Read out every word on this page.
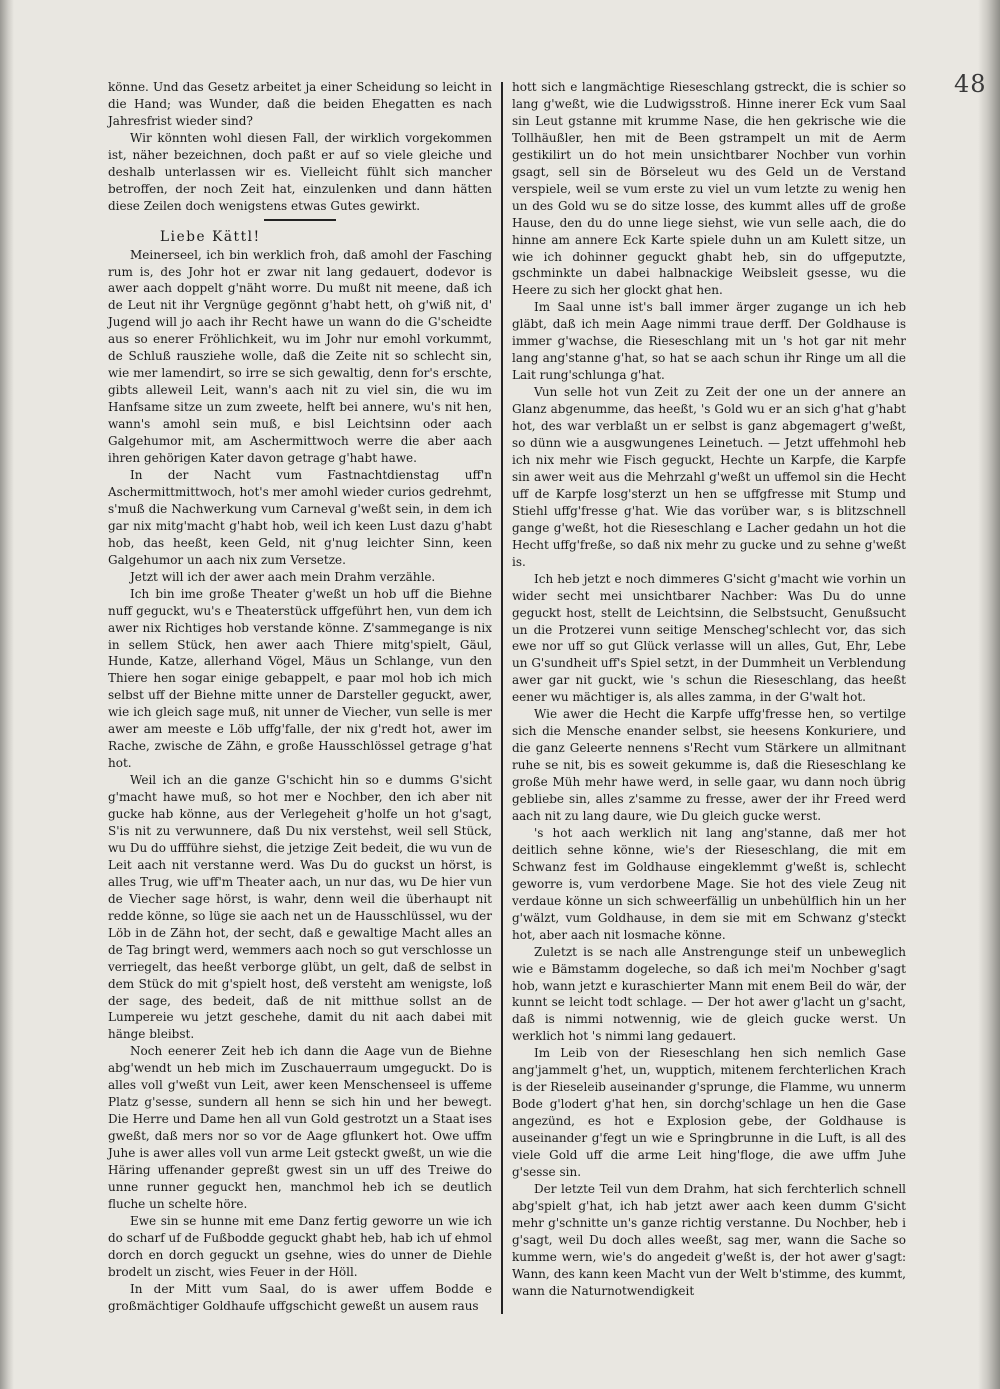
48

könne. Und das Gesetz arbeitet ja einer Scheidung so leicht in die Hand; was Wunder, daß die beiden Ehegatten es nach Jahresfrist wieder sind?

Wir könnten wohl diesen Fall, der wirklich vorgekommen ist, näher bezeichnen, doch paßt er auf so viele gleiche und deshalb unterlassen wir es. Vielleicht fühlt sich mancher betroffen, der noch Zeit hat, einzulenken und dann hätten diese Zeilen doch wenigstens etwas Gutes gewirkt.

Liebe Kättl!

Meinerseel, ich bin werklich froh, daß amohl der Fasching rum is, des Johr hot er zwar nit lang gedauert, dodevor is awer aach doppelt g'näht worre. Du mußt nit meene, daß ich de Leut nit ihr Vergnüge gegönnt g'habt hett, oh g'wiß nit, d' Jugend will jo aach ihr Recht hawe un wann do die G'scheidte aus so enerer Fröhlichkeit, wu im Johr nur emohl vorkummt, de Schluß rausziehe wolle, daß die Zeite nit so schlecht sin, wie mer lamendirt, so irre se sich gewaltig, denn for's erschte, gibts alleweil Leit, wann's aach nit zu viel sin, die wu im Hanfsame sitze un zum zweete, helft bei annere, wu's nit hen, wann's amohl sein muß, e bisl Leichtsinn oder aach Galgehumor mit, am Aschermittwoch werre die aber aach ihren gehörigen Kater davon getrage g'habt hawe.

In der Nacht vum Fastnachtdienstag uff'n Aschermittmittwoch, hot's mer amohl wieder curios gedrehmt, s'muß die Nachwerkung vum Carneval g'weßt sein, in dem ich gar nix mitg'macht g'habt hob, weil ich keen Lust dazu g'habt hob, das heeßt, keen Geld, nit g'nug leichter Sinn, keen Galgehumor un aach nix zum Versetze.

Jetzt will ich der awer aach mein Drahm verzähle.

Ich bin ime große Theater g'weßt un hob uff die Biehne nuff geguckt, wu's e Theaterstück uffgeführt hen, vun dem ich awer nix Richtiges hob verstande könne. Z'sammegange is nix in sellem Stück, hen awer aach Thiere mitg'spielt, Gäul, Hunde, Katze, allerhand Vögel, Mäus un Schlange, vun den Thiere hen sogar einige gebappelt, e paar mol hob ich mich selbst uff der Biehne mitte unner de Darsteller geguckt, awer, wie ich gleich sage muß, nit unner de Viecher, vun selle is mer awer am meeste e Löb uffg'falle, der nix g'redt hot, awer im Rache, zwische de Zähn, e große Hausschlössel getrage g'hat hot.

Weil ich an die ganze G'schicht hin so e dumms G'sicht g'macht hawe muß, so hot mer e Nochber, den ich aber nit gucke hab könne, aus der Verlegeheit g'holfe un hot g'sagt, S'is nit zu verwunnere, daß Du nix verstehst, weil sell Stück, wu Du do uffführe siehst, die jetzige Zeit bedeit, die wu vun de Leit aach nit verstanne werd. Was Du do guckst un hörst, is alles Trug, wie uff'm Theater aach, un nur das, wu De hier vun de Viecher sage hörst, is wahr, denn weil die überhaupt nit redde könne, so lüge sie aach net un de Hausschlüssel, wu der Löb in de Zähn hot, der secht, daß e gewaltige Macht alles an de Tag bringt werd, wemmers aach noch so gut verschlosse un verriegelt, das heeßt verborge glübt, un gelt, daß de selbst in dem Stück do mit g'spielt host, deß versteht am wenigste, loß der sage, des bedeit, daß de nit mitthue sollst an de Lumpereie wu jetzt geschehe, damit du nit aach dabei mit hänge bleibst.

Noch eenerer Zeit heb ich dann die Aage vun de Biehne abg'wendt un heb mich im Zuschauerraum umgeguckt. Do is alles voll g'weßt vun Leit, awer keen Menschenseel is uffeme Platz g'sesse, sundern all henn se sich hin und her bewegt. Die Herre und Dame hen all vun Gold gestrotzt un a Staat ises gweßt, daß mers nor so vor de Aage gflunkert hot. Owe uffm Juhe is awer alles voll vun arme Leit gsteckt gweßt, un wie die Häring uffenander gepreßt gwest sin un uff des Treiwe do unne runner geguckt hen, manchmol heb ich se deutlich fluche un schelte höre.

Ewe sin se hunne mit eme Danz fertig geworre un wie ich do scharf uf de Fußbodde geguckt ghabt heb, hab ich uf ehmol dorch en dorch geguckt un gsehne, wies do unner de Diehle brodelt un zischt, wies Feuer in der Höll.

In der Mitt vum Saal, do is awer uffem Bodde e großmächtiger Goldhaufe uffgschicht geweßt un ausem raus

hott sich e langmächtige Rieseschlang gstreckt, die is schier so lang g'weßt, wie die Ludwigsstroß. Hinne inerer Eck vum Saal sin Leut gstanne mit krumme Nase, die hen gekrische wie die Tollhäußler, hen mit de Been gstrampelt un mit de Aerm gestikilirt un do hot mein unsichtbarer Nochber vun vorhin gsagt, sell sin de Börseleut wu des Geld un de Verstand verspiele, weil se vum erste zu viel un vum letzte zu wenig hen un des Gold wu se do sitze losse, des kummt alles uff de große Hause, den du do unne liege siehst, wie vun selle aach, die do hinne am annere Eck Karte spiele duhn un am Kulett sitze, un wie ich dohinner geguckt ghabt heb, sin do uffgeputzte, gschminkte un dabei halbnackige Weibsleit gsesse, wu die Heere zu sich her glockt ghat hen.

Im Saal unne ist's ball immer ärger zugange un ich heb gläbt, daß ich mein Aage nimmi traue derff. Der Goldhause is immer g'wachse, die Rieseschlang mit un 's hot gar nit mehr lang ang'stanne g'hat, so hat se aach schun ihr Ringe um all die Lait rung'schlunga g'hat.

Vun selle hot vun Zeit zu Zeit der one un der annere an Glanz abgenumme, das heeßt, 's Gold wu er an sich g'hat g'habt hot, des war verblaßt un er selbst is ganz abgemagert g'weßt, so dünn wie a ausgwungenes Leinetuch. — Jetzt uffehmohl heb ich nix mehr wie Fisch geguckt, Hechte un Karpfe, die Karpfe sin awer weit aus die Mehrzahl g'weßt un uffemol sin die Hecht uff de Karpfe losg'sterzt un hen se uffgfresse mit Stump und Stiehl uffg'fresse g'hat. Wie das vorüber war, s is blitzschnell gange g'weßt, hot die Rieseschlang e Lacher gedahn un hot die Hecht uffg'freße, so daß nix mehr zu gucke und zu sehne g'weßt is.

Ich heb jetzt e noch dimmeres G'sicht g'macht wie vorhin un wider secht mei unsichtbarer Nachber: Was Du do unne geguckt host, stellt de Leichtsinn, die Selbstsucht, Genußsucht un die Protzerei vunn seitige Menscheg'schlecht vor, das sich ewe nor uff so gut Glück verlasse will un alles, Gut, Ehr, Lebe un G'sundheit uff's Spiel setzt, in der Dummheit un Verblendung awer gar nit guckt, wie 's schun die Rieseschlang, das heeßt eener wu mächtiger is, als alles zamma, in der G'walt hot.

Wie awer die Hecht die Karpfe uffg'fresse hen, so vertilge sich die Mensche enander selbst, sie heesens Konkuriere, und die ganz Geleerte nennens s'Recht vum Stärkere un allmitnant ruhe se nit, bis es soweit gekumme is, daß die Rieseschlang ke große Müh mehr hawe werd, in selle gaar, wu dann noch übrig gebliebe sin, alles z'samme zu fresse, awer der ihr Freed werd aach nit zu lang daure, wie Du gleich gucke werst.

's hot aach werklich nit lang ang'stanne, daß mer hot deitlich sehne könne, wie's der Rieseschlang, die mit em Schwanz fest im Goldhause eingeklemmt g'weßt is, schlecht geworre is, vum verdorbene Mage. Sie hot des viele Zeug nit verdaue könne un sich schweerfällig un unbehülflich hin un her g'wälzt, vum Goldhause, in dem sie mit em Schwanz g'steckt hot, aber aach nit losmache könne.

Zuletzt is se nach alle Anstrengunge steif un unbeweglich wie e Bämstamm dogeleche, so daß ich mei'm Nochber g'sagt hob, wann jetzt e kuraschierter Mann mit enem Beil do wär, der kunnt se leicht todt schlage. — Der hot awer g'lacht un g'sacht, daß is nimmi notwennig, wie de gleich gucke werst. Un werklich hot 's nimmi lang gedauert.

Im Leib von der Rieseschlang hen sich nemlich Gase ang'jammelt g'het, un, wupptich, mitenem ferchterlichen Krach is der Rieseleib auseinander g'sprunge, die Flamme, wu unnerm Bode g'lodert g'hat hen, sin dorchg'schlage un hen die Gase angezünd, es hot e Explosion gebe, der Goldhause is auseinander g'fegt un wie e Springbrunne in die Luft, is all des viele Gold uff die arme Leit hing'floge, die awe uffm Juhe g'sesse sin.

Der letzte Teil vun dem Drahm, hat sich ferchterlich schnell abg'spielt g'hat, ich hab jetzt awer aach keen dumm G'sicht mehr g'schnitte un's ganze richtig verstanne. Du Nochber, heb i g'sagt, weil Du doch alles weeßt, sag mer, wann die Sache so kumme wern, wie's do angedeit g'weßt is, der hot awer g'sagt: Wann, des kann keen Macht vun der Welt b'stimme, des kummt, wann die Naturnotwendigkeit
